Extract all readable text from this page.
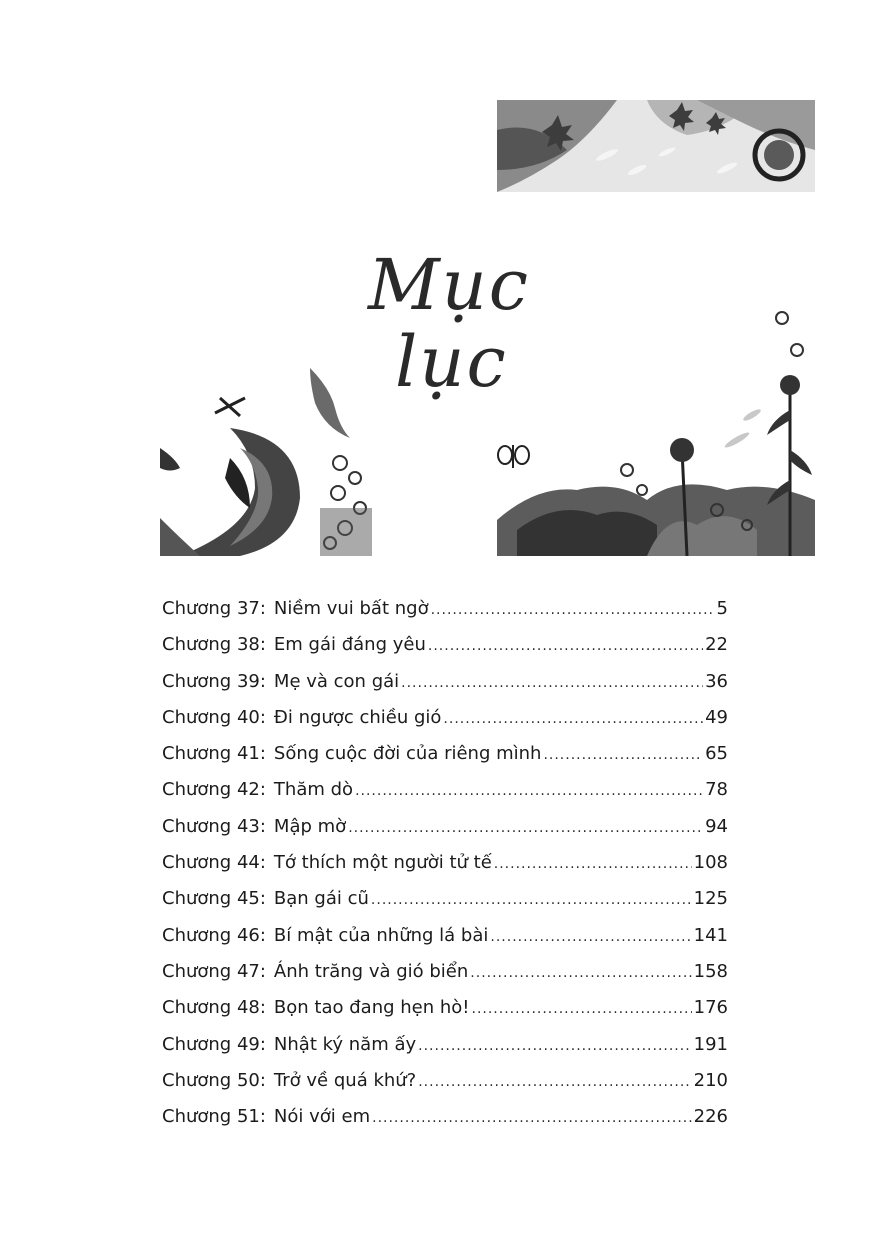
Mục
lục
Chương 37: Niềm vui bất ngờ .....	5
Chương 38: Em gái đáng yêu .....	22
Chương 39: Mẹ và con gái .....	36
Chương 40: Đi ngược chiều gió .....	49
Chương 41: Sống cuộc đời của riêng mình .....	65
Chương 42: Thăm dò .....	78
Chương 43: Mập mờ .....	94
Chương 44: Tớ thích một người tử tế .....	108
Chương 45: Bạn gái cũ .....	125
Chương 46: Bí mật của những lá bài .....	141
Chương 47: Ánh trăng và gió biển .....	158
Chương 48: Bọn tao đang hẹn hò! .....	176
Chương 49: Nhật ký năm ấy .....	191
Chương 50: Trở về quá khứ? .....	210
Chương 51: Nói với em .....	226
